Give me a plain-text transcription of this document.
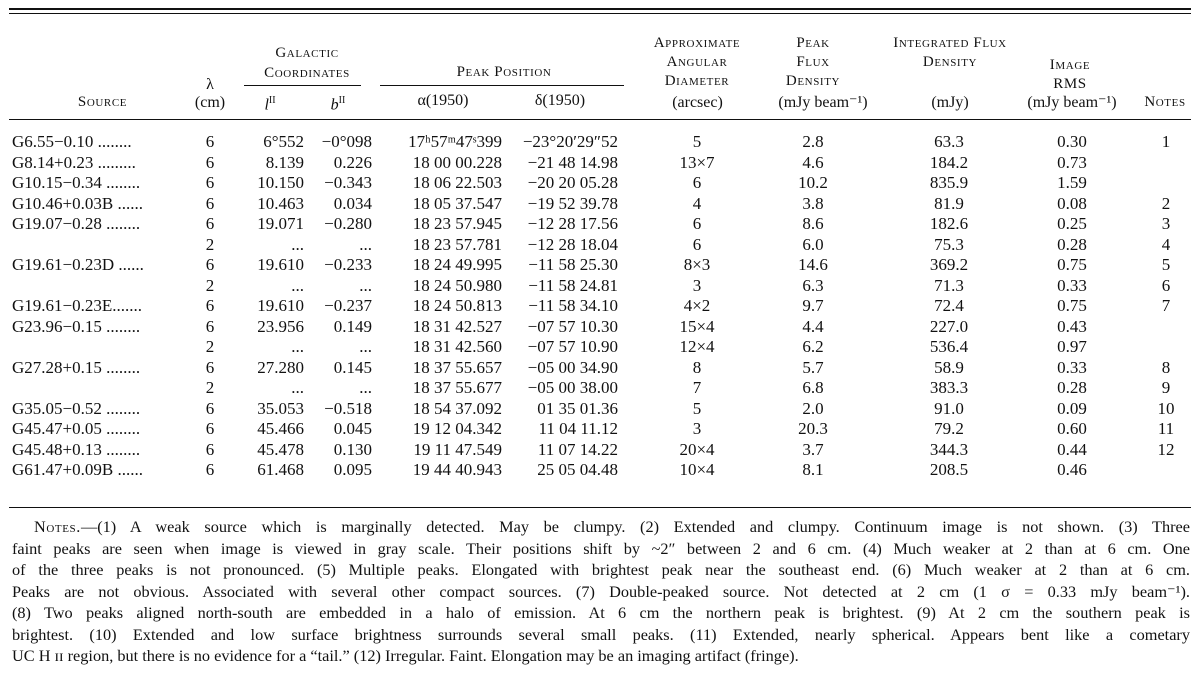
Source
λ
(cm)
Galactic Coordinates
$l^{II}$	$b^{II}$
Peak Position
α(1950)	δ(1950)
Approximate Angular Diameter
(arcsec)
Peak Flux Density
(mJy beam⁻¹)
Integrated Flux Density
(mJy)
Image RMS
(mJy beam⁻¹)	Notes
G6.55−0.10 ........	6	6°552	−0°098	17ʰ57ᵐ47ˢ399	−23°20′29″52	5	2.8	63.3	0.30	1
G8.14+0.23 .........	6	8.139	0.226	18 00 00.228	−21 48 14.98	13×7	4.6	184.2	0.73
G10.15−0.34 ........	6	10.150	−0.343	18 06 22.503	−20 20 05.28	6	10.2	835.9	1.59
G10.46+0.03B ......	6	10.463	0.034	18 05 37.547	−19 52 39.78	4	3.8	81.9	0.08	2
G19.07−0.28 ........	6	19.071	−0.280	18 23 57.945	−12 28 17.56	6	8.6	182.6	0.25	3
2	...	...	18 23 57.781	−12 28 18.04	6	6.0	75.3	0.28	4
G19.61−0.23D ......	6	19.610	−0.233	18 24 49.995	−11 58 25.30	8×3	14.6	369.2	0.75	5
2	...	...	18 24 50.980	−11 58 24.81	3	6.3	71.3	0.33	6
G19.61−0.23E.......	6	19.610	−0.237	18 24 50.813	−11 58 34.10	4×2	9.7	72.4	0.75	7
G23.96−0.15 ........	6	23.956	0.149	18 31 42.527	−07 57 10.30	15×4	4.4	227.0	0.43
2	...	...	18 31 42.560	−07 57 10.90	12×4	6.2	536.4	0.97
G27.28+0.15 ........	6	27.280	0.145	18 37 55.657	−05 00 34.90	8	5.7	58.9	0.33	8
2	...	...	18 37 55.677	−05 00 38.00	7	6.8	383.3	0.28	9
G35.05−0.52 ........	6	35.053	−0.518	18 54 37.092	01 35 01.36	5	2.0	91.0	0.09	10
G45.47+0.05 ........	6	45.466	0.045	19 12 04.342	11 04 11.12	3	20.3	79.2	0.60	11
G45.48+0.13 ........	6	45.478	0.130	19 11 47.549	11 07 14.22	20×4	3.7	344.3	0.44	12
G61.47+0.09B ......	6	61.468	0.095	19 44 40.943	25 05 04.48	10×4	8.1	208.5	0.46
Notes.—(1) A weak source which is marginally detected. May be clumpy. (2) Extended and clumpy. Continuum image is not shown. (3) Three
faint peaks are seen when image is viewed in gray scale. Their positions shift by ~2″ between 2 and 6 cm. (4) Much weaker at 2 than at 6 cm. One
of the three peaks is not pronounced. (5) Multiple peaks. Elongated with brightest peak near the southeast end. (6) Much weaker at 2 than at 6 cm.
Peaks are not obvious. Associated with several other compact sources. (7) Double-peaked source. Not detected at 2 cm (1 σ = 0.33 mJy beam⁻¹).
(8) Two peaks aligned north-south are embedded in a halo of emission. At 6 cm the northern peak is brightest. (9) At 2 cm the southern peak is
brightest. (10) Extended and low surface brightness surrounds several small peaks. (11) Extended, nearly spherical. Appears bent like a cometary
UC H ɪɪ region, but there is no evidence for a “tail.” (12) Irregular. Faint. Elongation may be an imaging artifact (fringe).
